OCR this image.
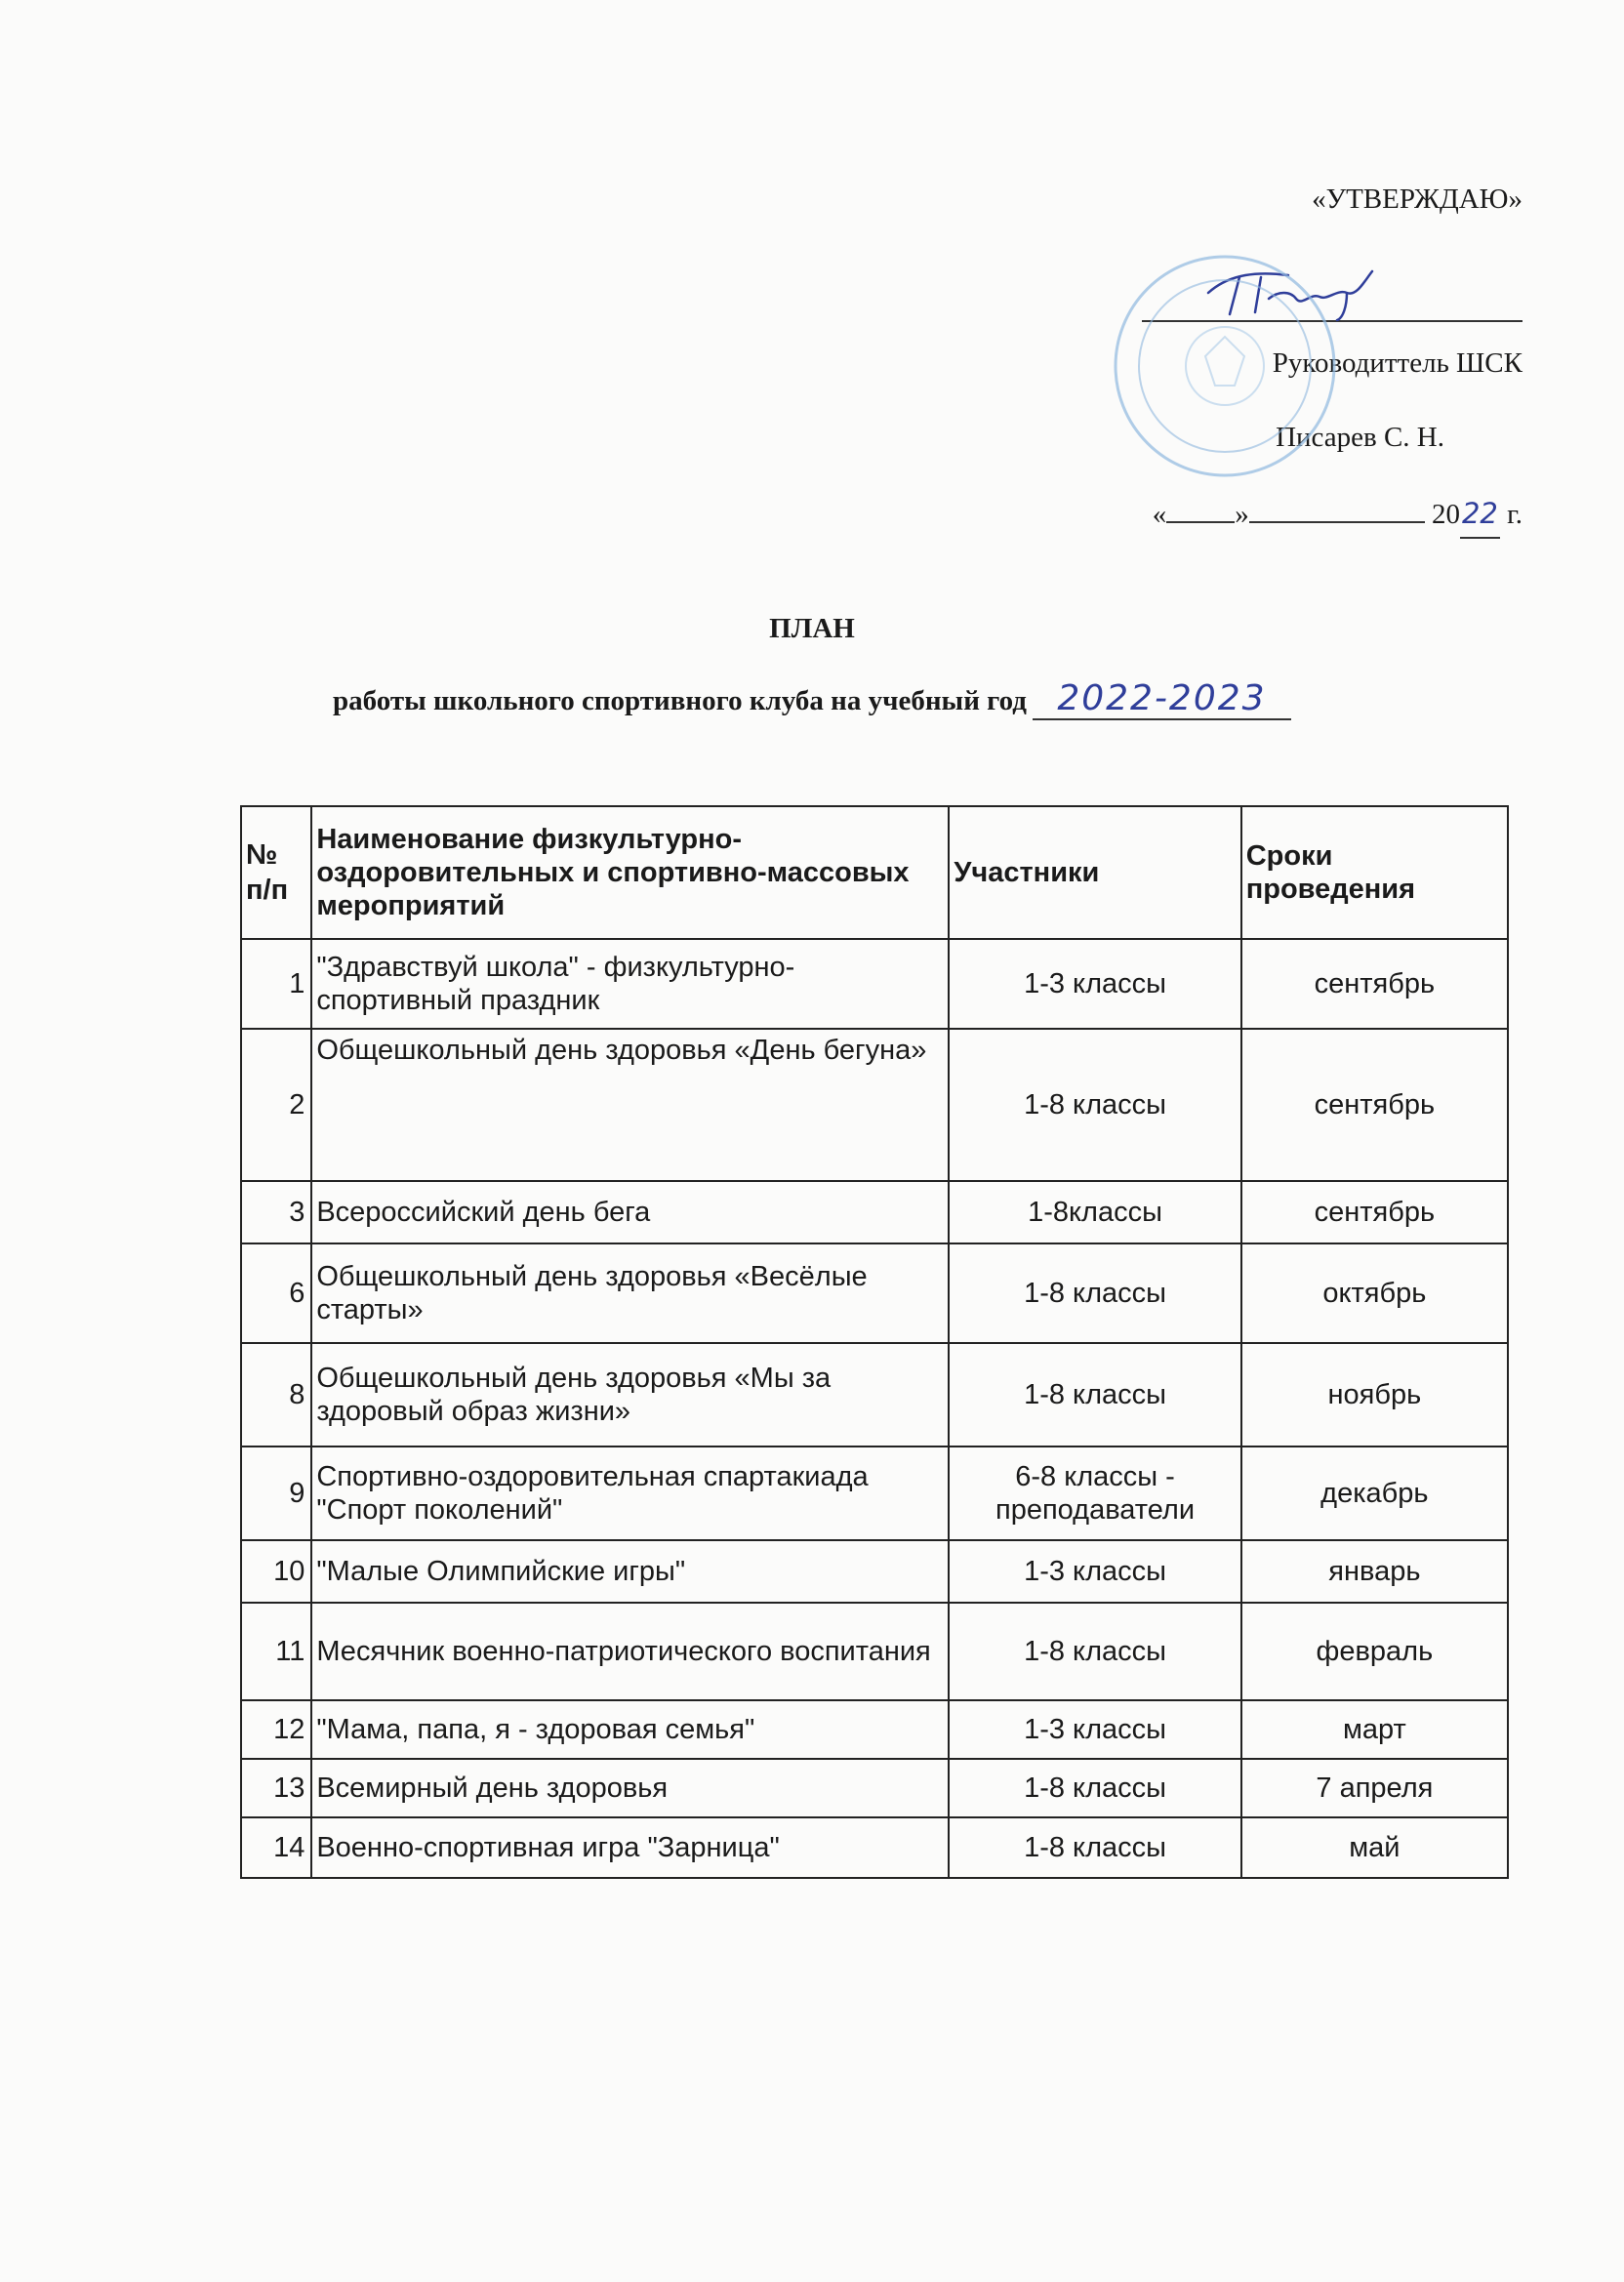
«УТВЕРЖДАЮ»
Руководиттель ШСК
Писарев С. Н.
« »	2022 г.
ПЛАН
работы школьного спортивного клуба на учебный год 2022-2023
№ п/п	Наименование физкультурно-оздоровительных и спортивно-массовых мероприятий	Участники	Сроки проведения
1	"Здравствуй школа" - физкультурно-спортивный праздник	1-3 классы	сентябрь
2	Общешкольный день здоровья «День бегуна»	1-8 классы	сентябрь
3	Всероссийский день бега	1-8классы	сентябрь
6	Общешкольный день здоровья «Весёлые старты»	1-8 классы	октябрь
8	Общешкольный день здоровья «Мы за здоровый образ жизни»	1-8 классы	ноябрь
9	Спортивно-оздоровительная спартакиада "Спорт поколений"	6-8 классы - преподаватели	декабрь
10	"Малые Олимпийские игры"	1-3 классы	январь
11	Месячник военно-патриотического воспитания	1-8 классы	февраль
12	"Мама, папа, я - здоровая семья"	1-3 классы	март
13	Всемирный день здоровья	1-8 классы	7 апреля
14	Военно-спортивная игра "Зарница"	1-8 классы	май
